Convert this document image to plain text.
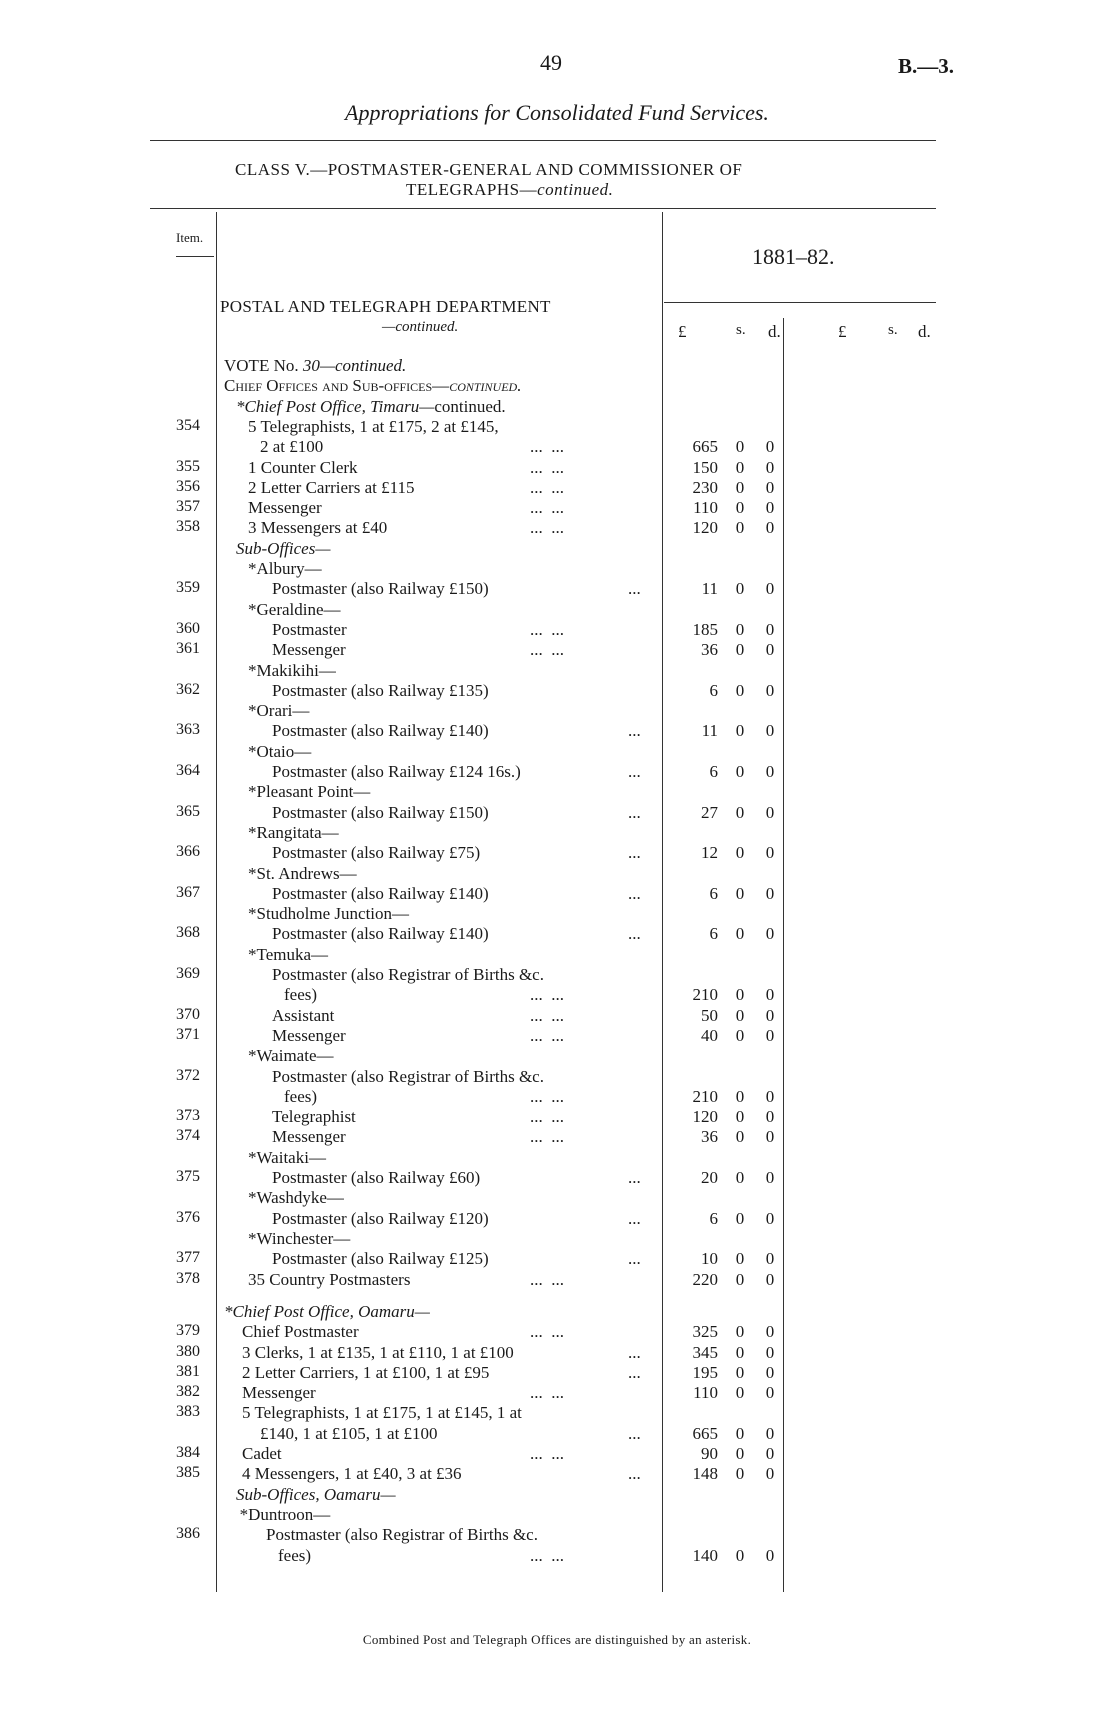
49	B.—3.
Appropriations for Consolidated Fund Services.
CLASS V.—POSTMASTER-GENERAL AND COMMISSIONER OF
TELEGRAPHS—continued.
Item.
1881–82.
POSTAL AND TELEGRAPH DEPARTMENT
—continued.	£	s. d.	£	s. d.
VOTE No. 30—continued.
Chief Offices and Sub-offices—continued.
*Chief Post Office, Timaru—continued.
354	5 Telegraphists, 1 at £175, 2 at £145,
2 at £100	...  ...	665 0 0
355	1 Counter Clerk	...  ...	150 0 0
356	2 Letter Carriers at £115	...  ...	230 0 0
357	Messenger	...  ...	110 0 0
358	3 Messengers at £40	...  ...	120 0 0
Sub-Offices—
*Albury—
359	Postmaster (also Railway £150)	...	11 0 0
*Geraldine—
360	Postmaster	...  ...	185 0 0
361	Messenger	...  ...	36 0 0
*Makikihi—
362	Postmaster (also Railway £135)	6 0 0
*Orari—
363	Postmaster (also Railway £140)	...	11 0 0
*Otaio—
364	Postmaster (also Railway £124 16s.)	...	6 0 0
*Pleasant Point—
365	Postmaster (also Railway £150)	...	27 0 0
*Rangitata—
366	Postmaster (also Railway £75)	...	12 0 0
*St. Andrews—
367	Postmaster (also Railway £140)	...	6 0 0
*Studholme Junction—
368	Postmaster (also Railway £140)	...	6 0 0
*Temuka—
369	Postmaster (also Registrar of Births &c.
fees)	...  ...	210 0 0
370	Assistant	...  ...	50 0 0
371	Messenger	...  ...	40 0 0
*Waimate—
372	Postmaster (also Registrar of Births &c.
fees)	...  ...	210 0 0
373	Telegraphist	...  ...	120 0 0
374	Messenger	...  ...	36 0 0
*Waitaki—
375	Postmaster (also Railway £60)	...	20 0 0
*Washdyke—
376	Postmaster (also Railway £120)	...	6 0 0
*Winchester—
377	Postmaster (also Railway £125)	...	10 0 0
378	35 Country Postmasters	...  ...	220 0 0
*Chief Post Office, Oamaru—
379 Chief Postmaster	...  ...	325 0 0
380 3 Clerks, 1 at £135, 1 at £110, 1 at £100	...	345 0 0
381 2 Letter Carriers, 1 at £100, 1 at £95	...	195 0 0
382 Messenger	...  ...	110 0 0
383 5 Telegraphists, 1 at £175, 1 at £145, 1 at
£140, 1 at £105, 1 at £100	...	665 0 0
384 Cadet	...  ...	90 0 0
385 4 Messengers, 1 at £40, 3 at £36	...	148 0 0
Sub-Offices, Oamaru—
*Duntroon—
386	Postmaster (also Registrar of Births &c.
fees)	...  ...	140 0 0
Combined Post and Telegraph Offices are distinguished by an asterisk.
